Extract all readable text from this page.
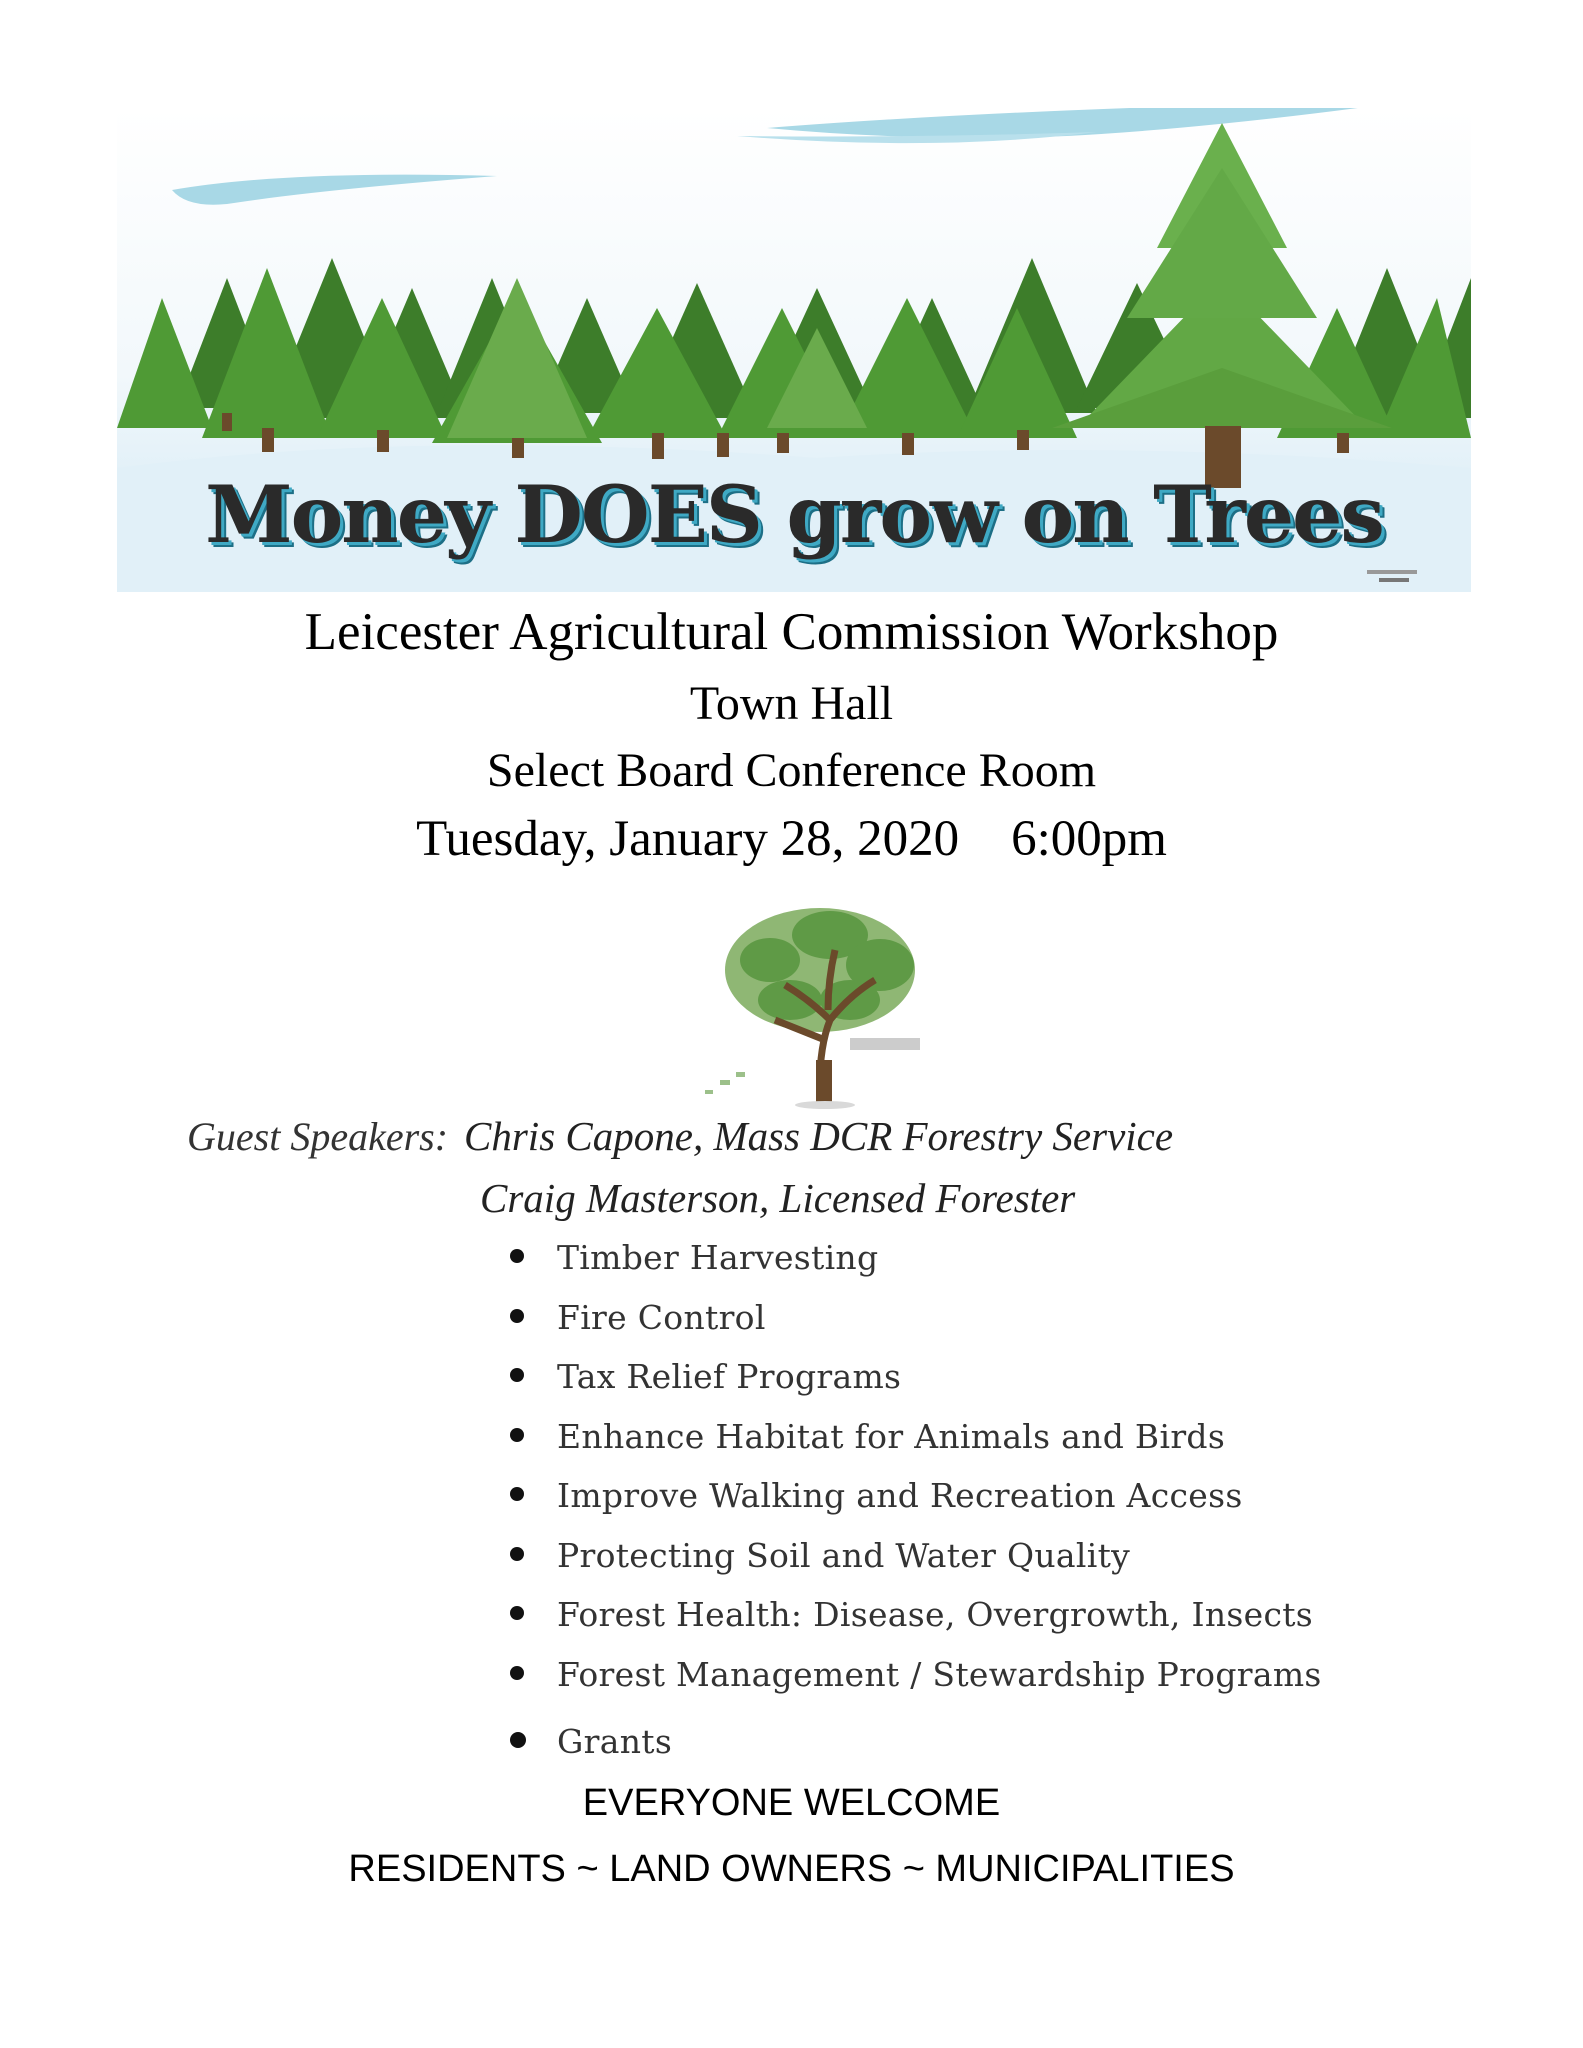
Money DOES grow on Trees
Leicester Agricultural Commission Workshop
Town Hall
Select Board Conference Room
Tuesday, January 28, 2020 6:00pm
Guest Speakers: Chris Capone, Mass DCR Forestry Service
Craig Masterson, Licensed Forester
Timber Harvesting
Fire Control
Tax Relief Programs
Enhance Habitat for Animals and Birds
Improve Walking and Recreation Access
Protecting Soil and Water Quality
Forest Health: Disease, Overgrowth, Insects
Forest Management / Stewardship Programs
Grants
EVERYONE WELCOME
RESIDENTS ~ LAND OWNERS ~ MUNICIPALITIES
